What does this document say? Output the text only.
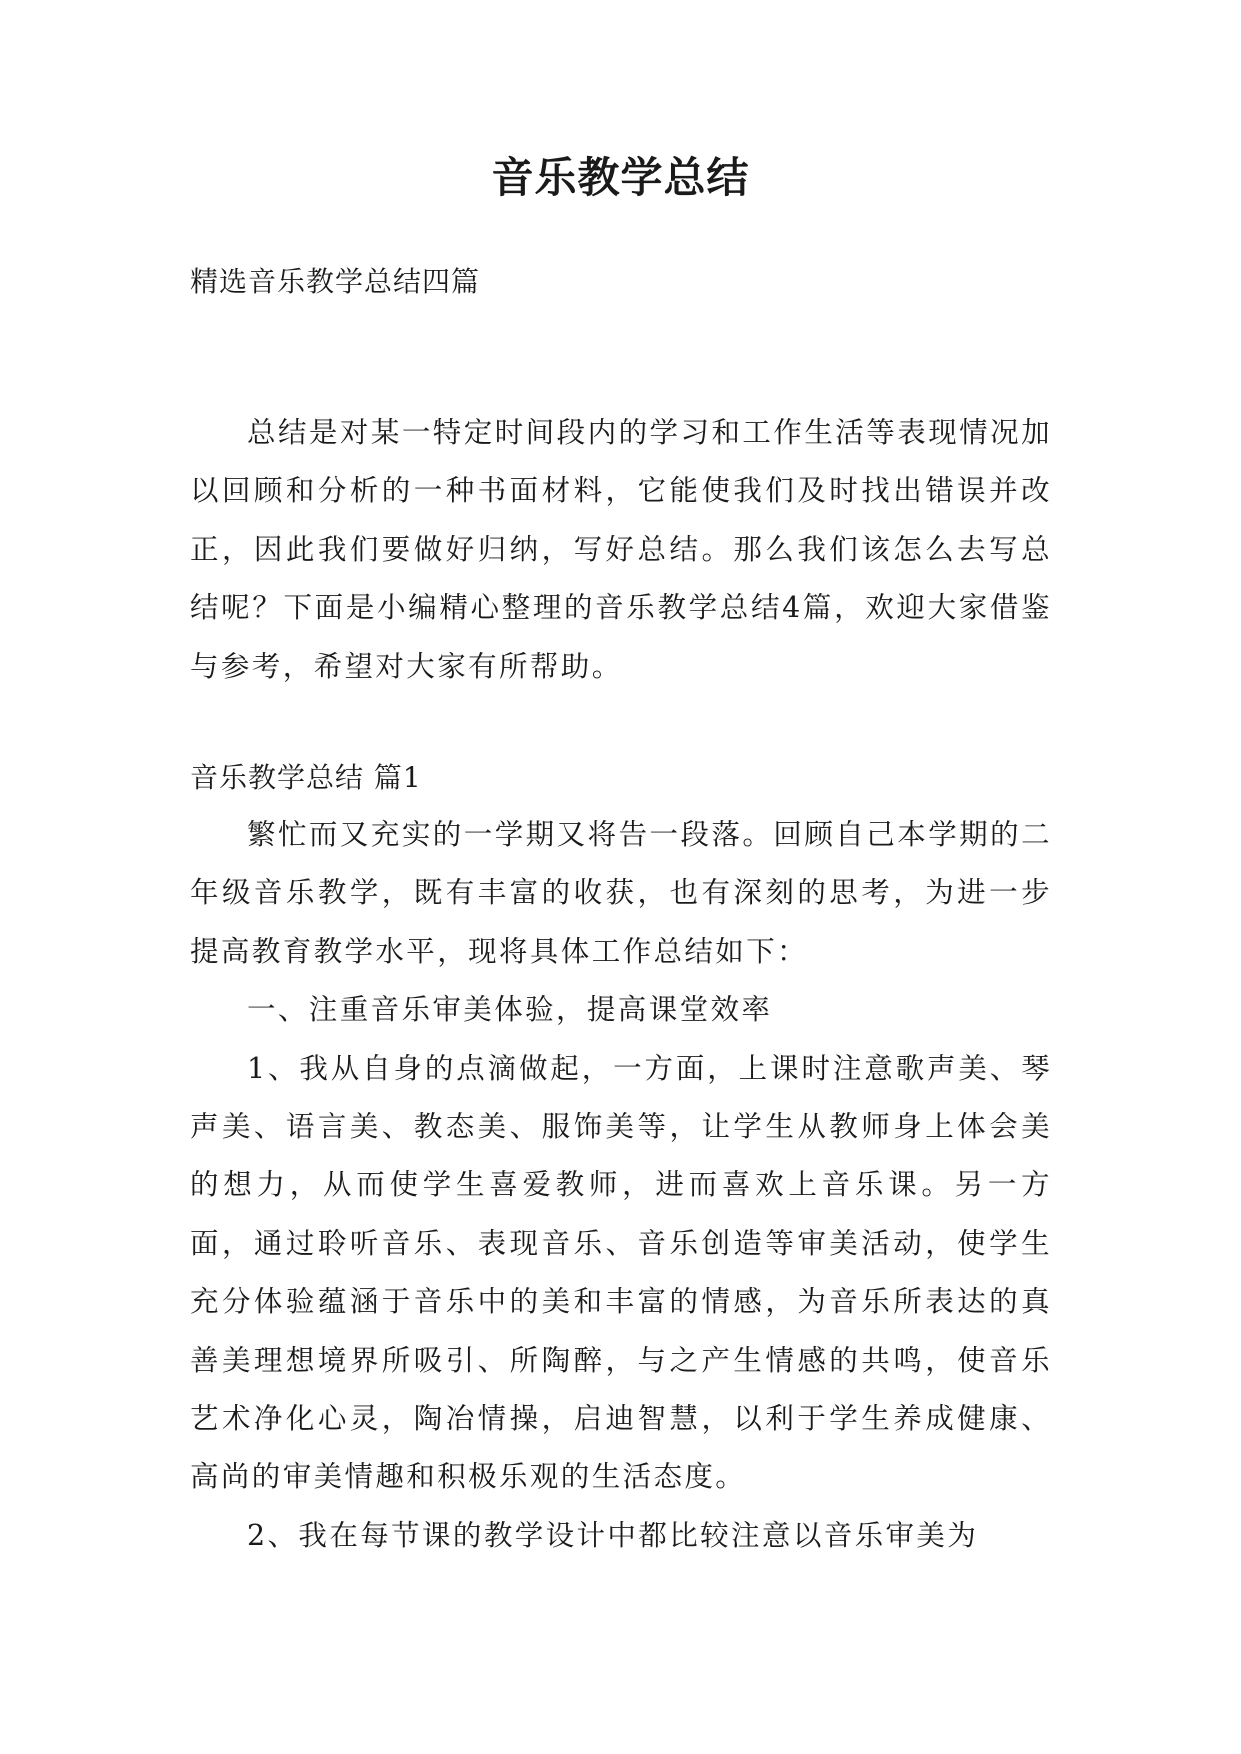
音乐教学总结
精选音乐教学总结四篇

总结是对某一特定时间段内的学习和工作生活等表现情况加以回顾和分析的一种书面材料，它能使我们及时找出错误并改正，因此我们要做好归纳，写好总结。那么我们该怎么去写总结呢？下面是小编精心整理的音乐教学总结4篇，欢迎大家借鉴与参考，希望对大家有所帮助。

音乐教学总结 篇1

繁忙而又充实的一学期又将告一段落。回顾自己本学期的二年级音乐教学，既有丰富的收获，也有深刻的思考，为进一步提高教育教学水平，现将具体工作总结如下：

一、注重音乐审美体验，提高课堂效率

1、我从自身的点滴做起，一方面，上课时注意歌声美、琴声美、语言美、教态美、服饰美等，让学生从教师身上体会美的想力，从而使学生喜爱教师，进而喜欢上音乐课。另一方面，通过聆听音乐、表现音乐、音乐创造等审美活动，使学生充分体验蕴涵于音乐中的美和丰富的情感，为音乐所表达的真善美理想境界所吸引、所陶醉，与之产生情感的共鸣，使音乐艺术净化心灵，陶冶情操，启迪智慧，以利于学生养成健康、高尚的审美情趣和积极乐观的生活态度。

2、我在每节课的教学设计中都比较注意以音乐审美为
